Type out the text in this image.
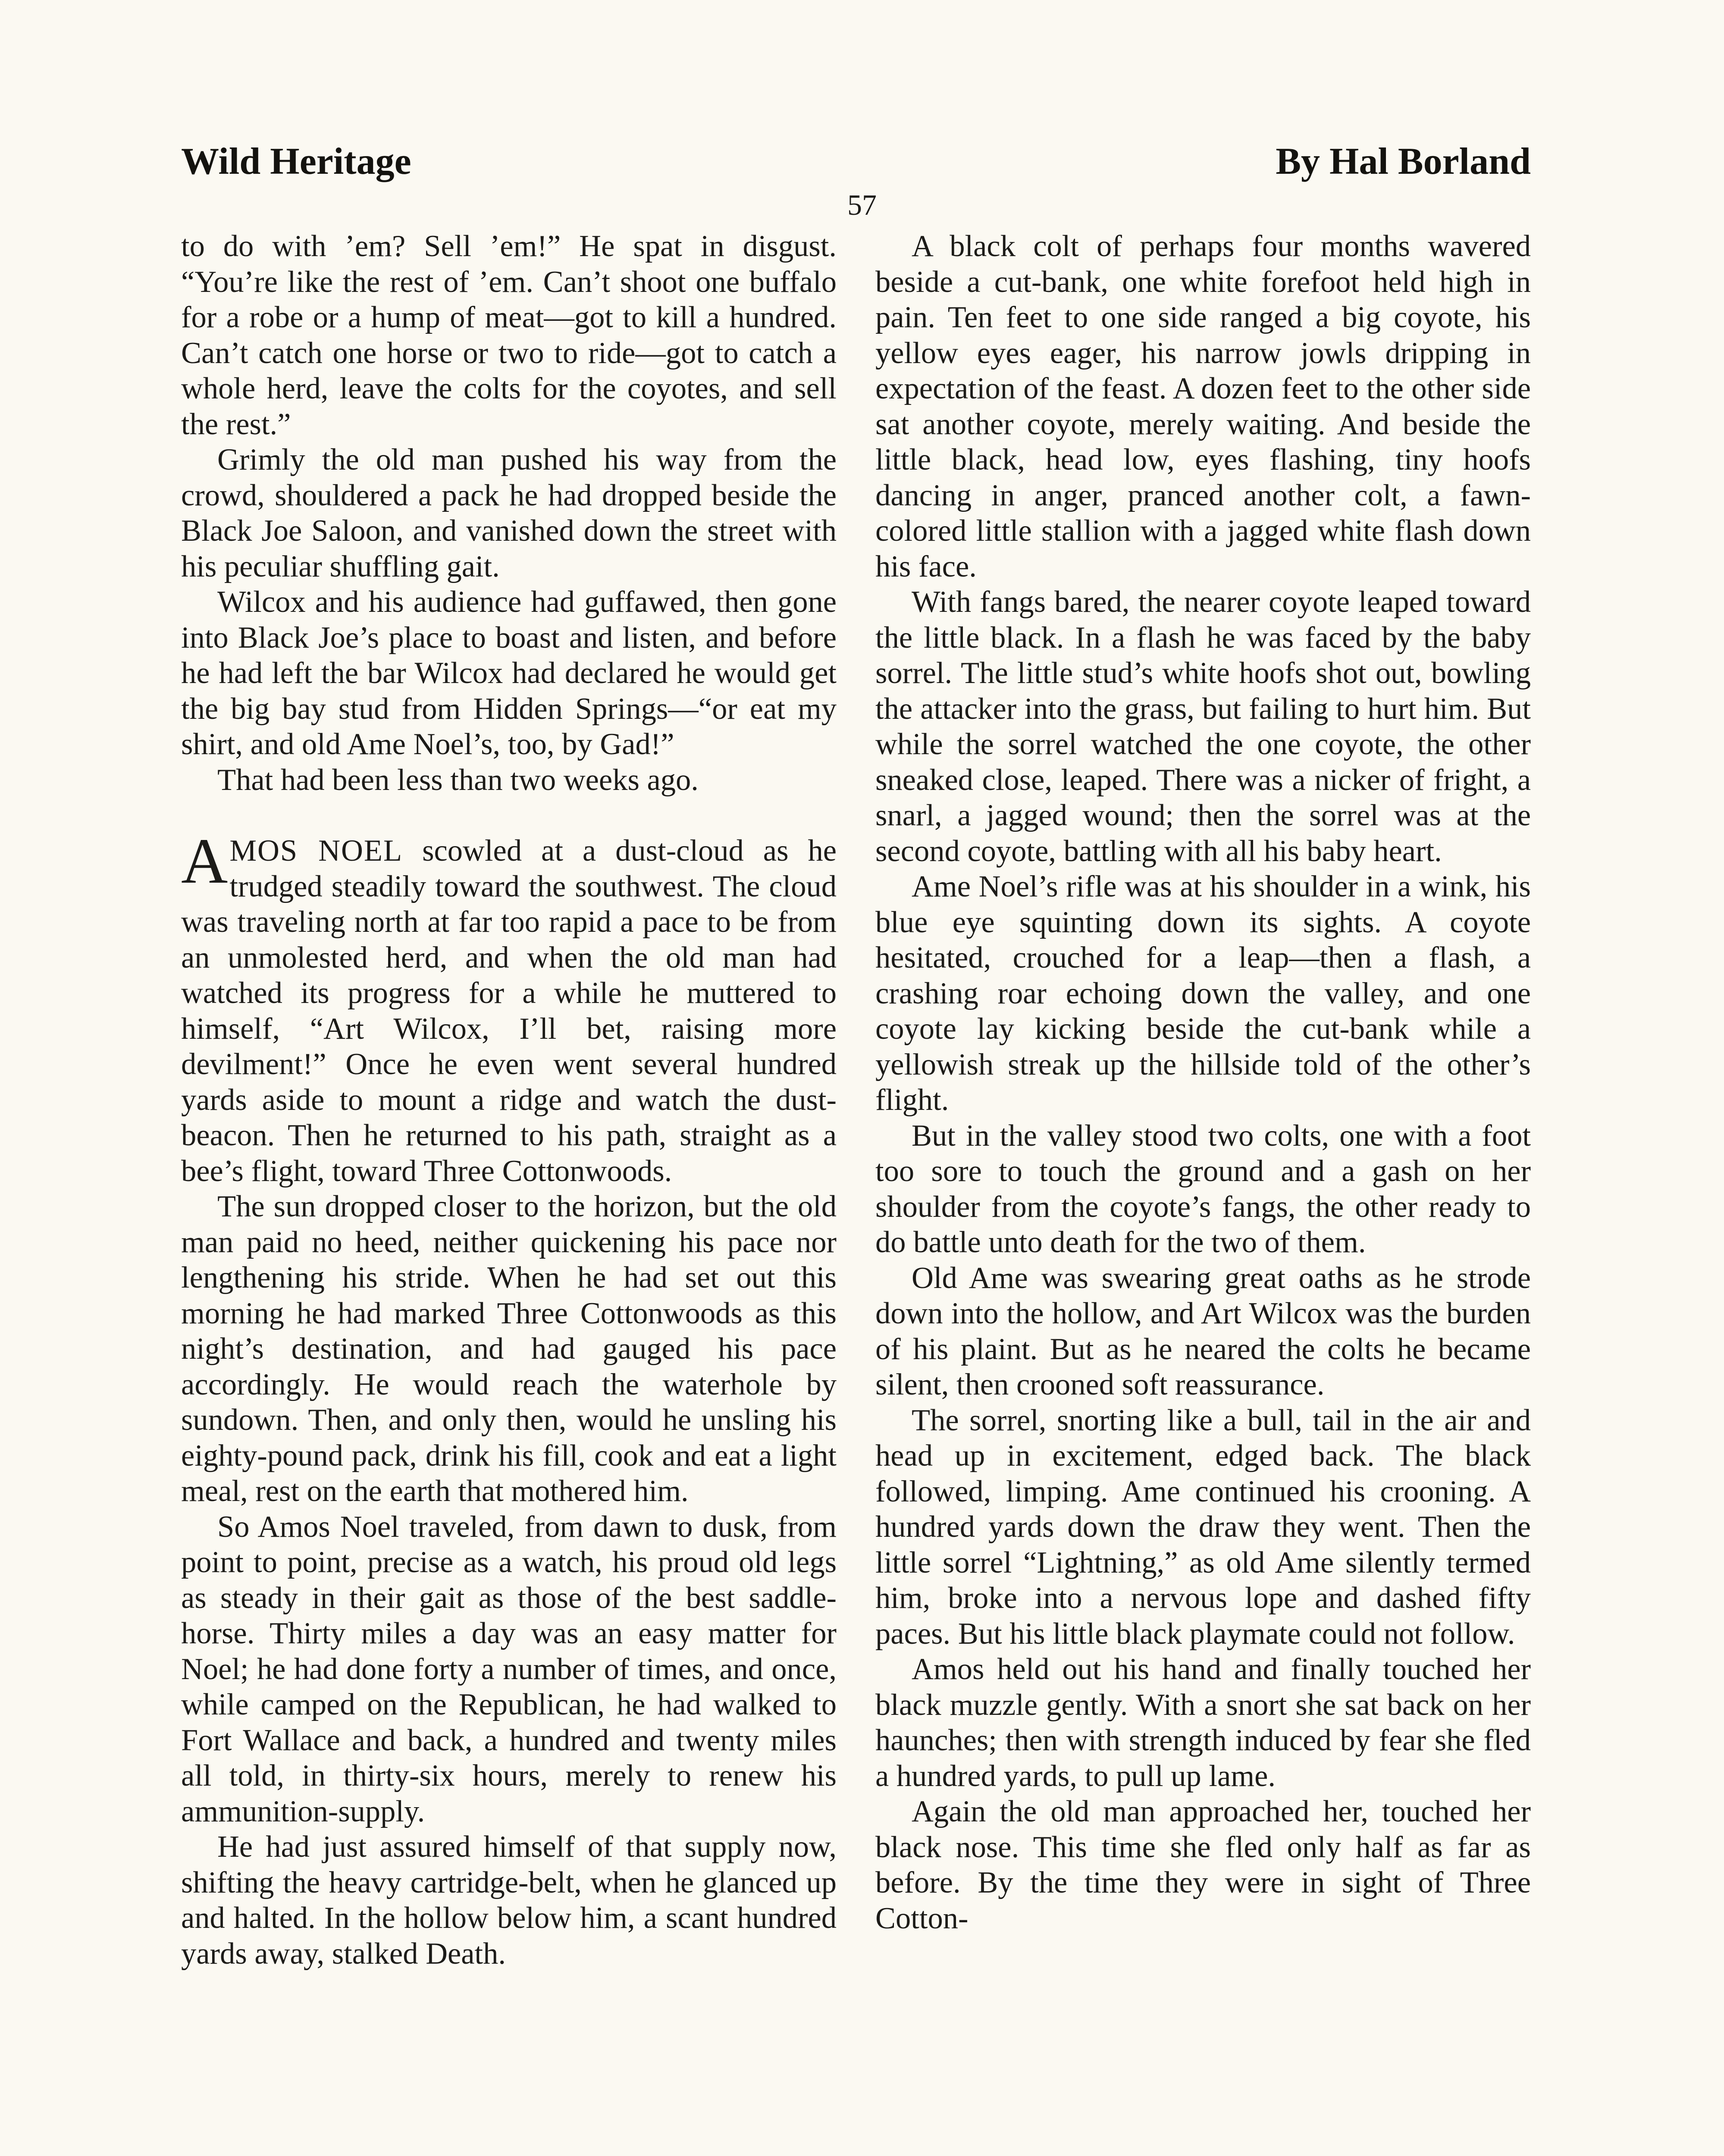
Wild Heritage	By Hal Borland
57

to do with ’em? Sell ’em!” He spat in disgust. “You’re like the rest of ’em. Can’t shoot one buffalo for a robe or a hump of meat—got to kill a hundred. Can’t catch one horse or two to ride—got to catch a whole herd, leave the colts for the coyotes, and sell the rest.”

Grimly the old man pushed his way from the crowd, shouldered a pack he had dropped beside the Black Joe Saloon, and vanished down the street with his peculiar shuffling gait.

Wilcox and his audience had guffawed, then gone into Black Joe’s place to boast and listen, and before he had left the bar Wilcox had declared he would get the big bay stud from Hidden Springs—“or eat my shirt, and old Ame Noel’s, too, by Gad!”

That had been less than two weeks ago.

AMOS NOEL scowled at a dust-cloud as he trudged steadily toward the southwest. The cloud was traveling north at far too rapid a pace to be from an unmolested herd, and when the old man had watched its progress for a while he muttered to himself, “Art Wilcox, I’ll bet, raising more devilment!” Once he even went several hundred yards aside to mount a ridge and watch the dust-beacon. Then he returned to his path, straight as a bee’s flight, toward Three Cottonwoods.

The sun dropped closer to the horizon, but the old man paid no heed, neither quickening his pace nor lengthening his stride. When he had set out this morning he had marked Three Cottonwoods as this night’s destination, and had gauged his pace accordingly. He would reach the waterhole by sundown. Then, and only then, would he unsling his eighty-pound pack, drink his fill, cook and eat a light meal, rest on the earth that mothered him.

So Amos Noel traveled, from dawn to dusk, from point to point, precise as a watch, his proud old legs as steady in their gait as those of the best saddle-horse. Thirty miles a day was an easy matter for Noel; he had done forty a number of times, and once, while camped on the Republican, he had walked to Fort Wallace and back, a hundred and twenty miles all told, in thirty-six hours, merely to renew his ammunition-supply.

He had just assured himself of that supply now, shifting the heavy cartridge-belt, when he glanced up and halted. In the hollow below him, a scant hundred yards away, stalked Death.

A black colt of perhaps four months wavered beside a cut-bank, one white forefoot held high in pain. Ten feet to one side ranged a big coyote, his yellow eyes eager, his narrow jowls dripping in expectation of the feast. A dozen feet to the other side sat another coyote, merely waiting. And beside the little black, head low, eyes flashing, tiny hoofs dancing in anger, pranced another colt, a fawn-colored little stallion with a jagged white flash down his face.

With fangs bared, the nearer coyote leaped toward the little black. In a flash he was faced by the baby sorrel. The little stud’s white hoofs shot out, bowling the attacker into the grass, but failing to hurt him. But while the sorrel watched the one coyote, the other sneaked close, leaped. There was a nicker of fright, a snarl, a jagged wound; then the sorrel was at the second coyote, battling with all his baby heart.

Ame Noel’s rifle was at his shoulder in a wink, his blue eye squinting down its sights. A coyote hesitated, crouched for a leap—then a flash, a crashing roar echoing down the valley, and one coyote lay kicking beside the cut-bank while a yellowish streak up the hillside told of the other’s flight.

But in the valley stood two colts, one with a foot too sore to touch the ground and a gash on her shoulder from the coyote’s fangs, the other ready to do battle unto death for the two of them.

Old Ame was swearing great oaths as he strode down into the hollow, and Art Wilcox was the burden of his plaint. But as he neared the colts he became silent, then crooned soft reassurance.

The sorrel, snorting like a bull, tail in the air and head up in excitement, edged back. The black followed, limping. Ame continued his crooning. A hundred yards down the draw they went. Then the little sorrel “Lightning,” as old Ame silently termed him, broke into a nervous lope and dashed fifty paces. But his little black playmate could not follow.

Amos held out his hand and finally touched her black muzzle gently. With a snort she sat back on her haunches; then with strength induced by fear she fled a hundred yards, to pull up lame.

Again the old man approached her, touched her black nose. This time she fled only half as far as before. By the time they were in sight of Three Cotton-
